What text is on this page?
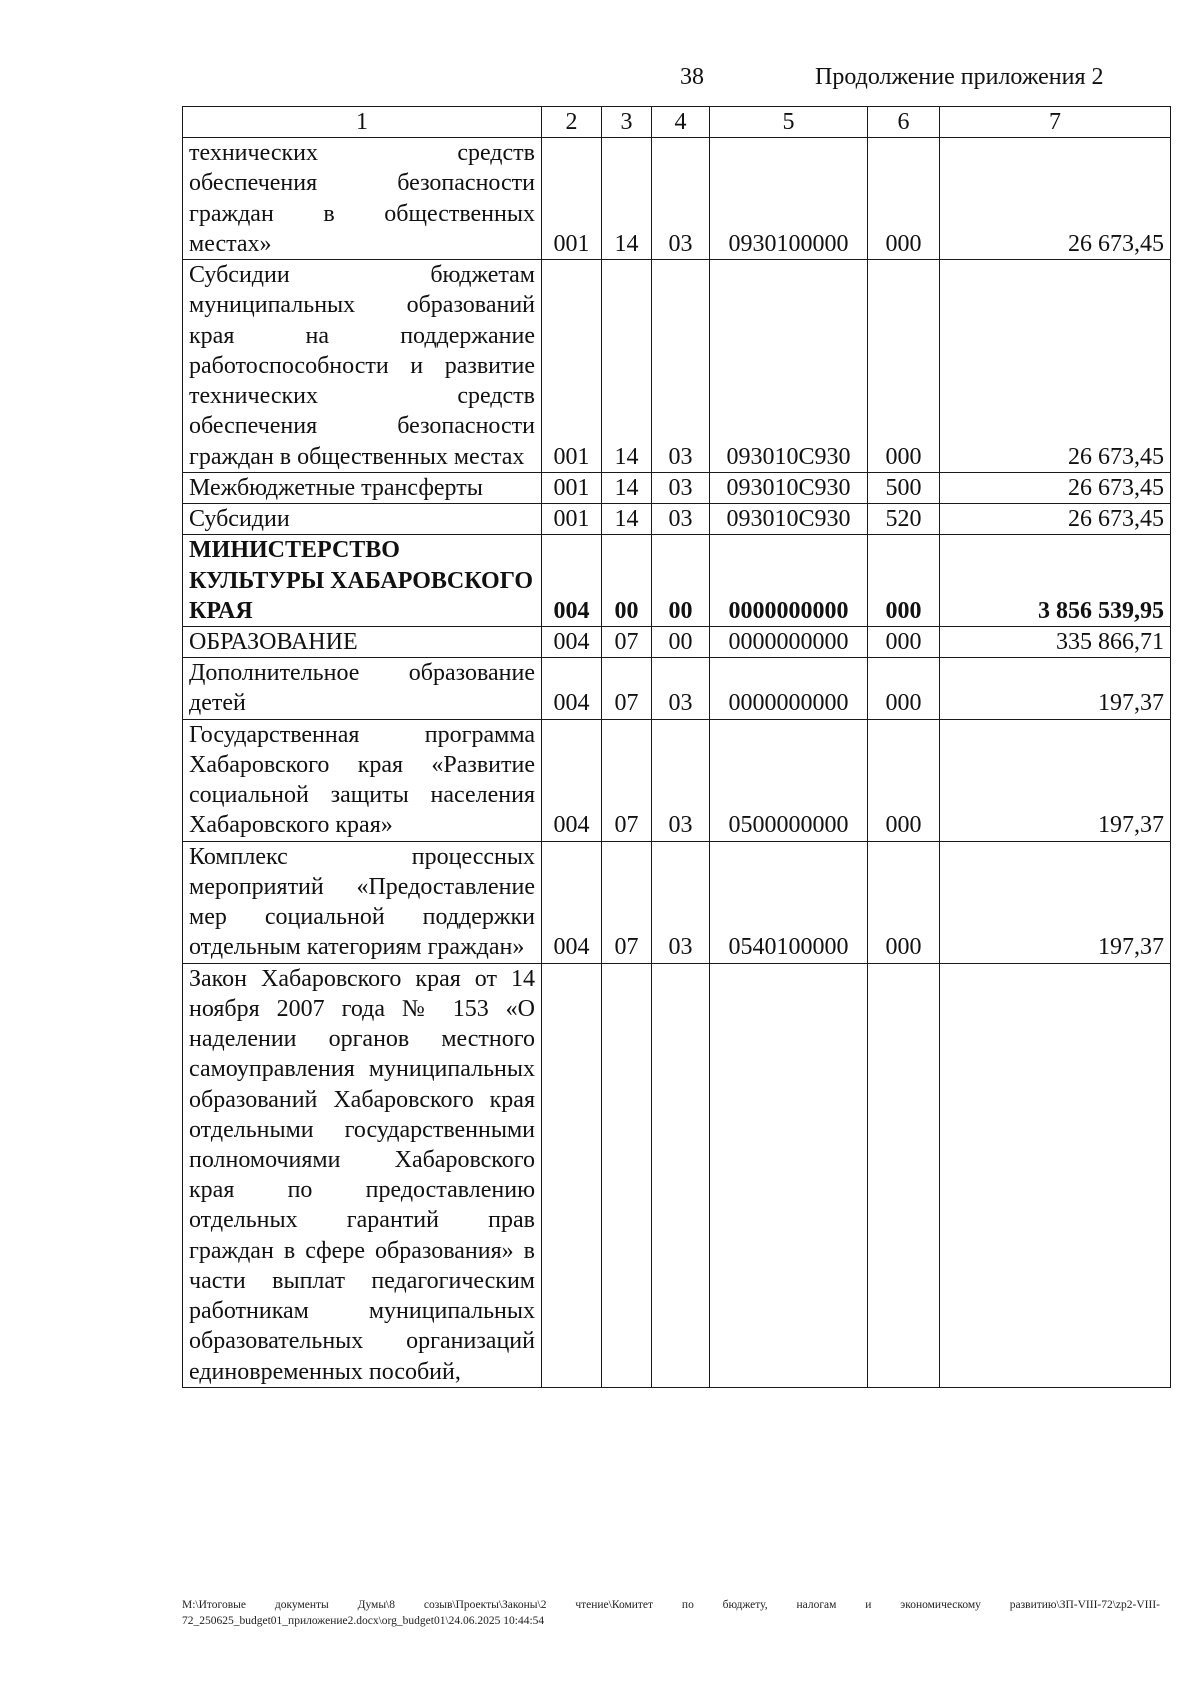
38	Продолжение приложения 2
1	2	3	4	5	6	7
технических средств обеспечения безопасности граждан в общественных местах»	001	14	03	0930100000	000	26 673,45
Субсидии бюджетам муниципальных образований края на поддержание работоспособности и развитие технических средств обеспечения безопасности граждан в общественных местах	001	14	03	093010С930	000	26 673,45
Межбюджетные трансферты	001	14	03	093010С930	500	26 673,45
Субсидии	001	14	03	093010С930	520	26 673,45
МИНИСТЕРСТВО КУЛЬТУРЫ ХАБАРОВСКОГО КРАЯ	004	00	00	0000000000	000	3 856 539,95
ОБРАЗОВАНИЕ	004	07	00	0000000000	000	335 866,71
Дополнительное образование детей	004	07	03	0000000000	000	197,37
Государственная программа Хабаровского края «Развитие социальной защиты населения Хабаровского края»	004	07	03	0500000000	000	197,37
Комплекс процессных мероприятий «Предоставление мер социальной поддержки отдельным категориям граждан»	004	07	03	0540100000	000	197,37
Закон Хабаровского края от 14 ноября 2007 года № 153 «О наделении органов местного самоуправления муниципальных образований Хабаровского края отдельными государственными полномочиями Хабаровского края по предоставлению отдельных гарантий прав граждан в сфере образования» в части выплат педагогическим работникам муниципальных образовательных организаций единовременных пособий,						
M:\Итоговые документы Думы\8 созыв\Проекты\Законы\2 чтение\Комитет по бюджету, налогам и экономическому развитию\ЗП-VIII-72\zp2-VIII-72_250625_budget01_приложение2.docx\org_budget01\24.06.2025 10:44:54
